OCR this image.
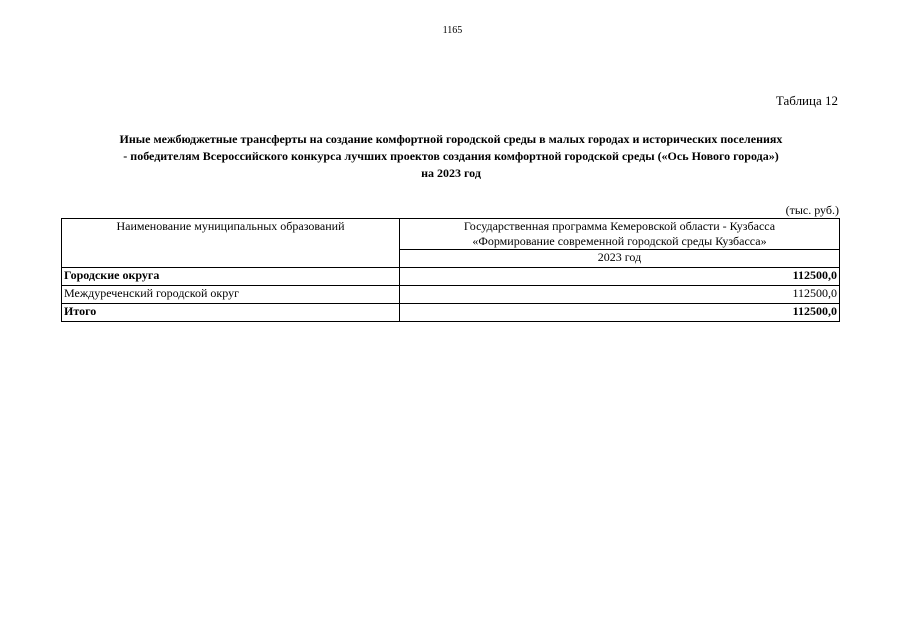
1165
Таблица 12
Иные межбюджетные трансферты на создание комфортной городской среды в малых городах и исторических поселениях
- победителям Всероссийского конкурса лучших проектов создания комфортной городской среды («Ось Нового города»)
на 2023 год
(тыс. руб.)
Наименование муниципальных образований	Государственная программа Кемеровской области - Кузбасса
«Формирование современной городской среды Кузбасса»

	2023 год
Городские округа	112500,0
Междуреченский городской округ	112500,0
Итого	112500,0
